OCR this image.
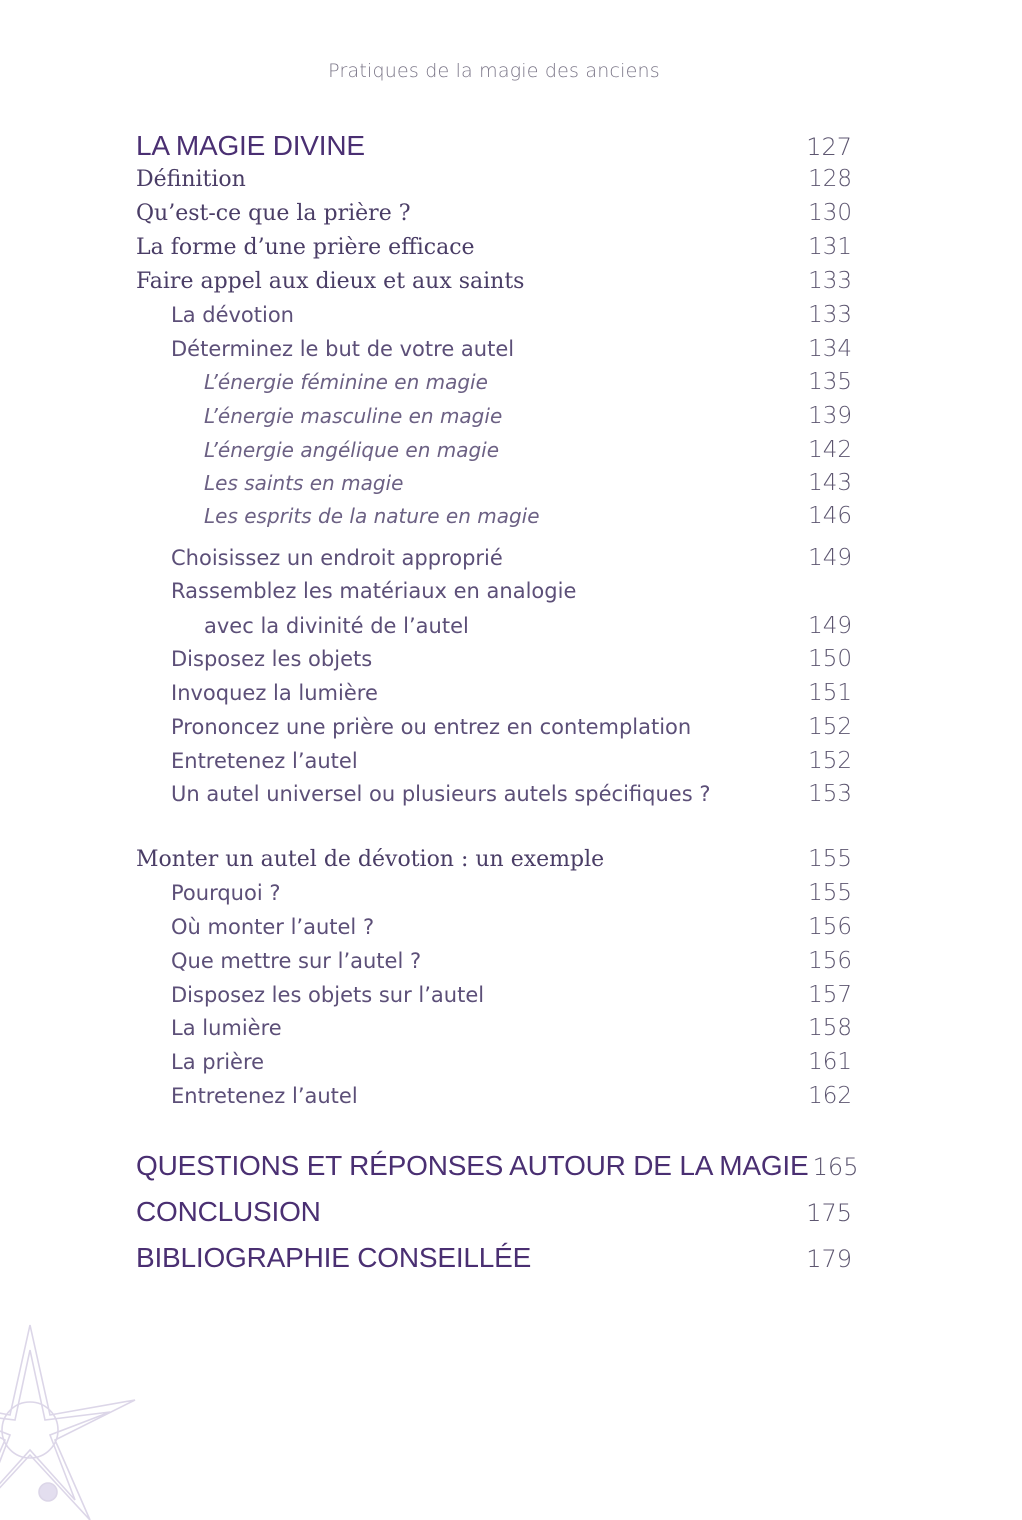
Pratiques de la magie des anciens
LA MAGIE DIVINE	127
Définition	128
Qu’est-ce que la prière ?	130
La forme d’une prière efficace	131
Faire appel aux dieux et aux saints	133
La dévotion	133
Déterminez le but de votre autel	134
L’énergie féminine en magie	135
L’énergie masculine en magie	139
L’énergie angélique en magie	142
Les saints en magie	143
Les esprits de la nature en magie	146
Choisissez un endroit approprié	149
Rassemblez les matériaux en analogie
avec la divinité de l’autel	149
Disposez les objets	150
Invoquez la lumière	151
Prononcez une prière ou entrez en contemplation	152
Entretenez l’autel	152
Un autel universel ou plusieurs autels spécifiques ?	153
Monter un autel de dévotion : un exemple	155
Pourquoi ?	155
Où monter l’autel ?	156
Que mettre sur l’autel ?	156
Disposez les objets sur l’autel	157
La lumière	158
La prière	161
Entretenez l’autel	162
QUESTIONS ET RÉPONSES AUTOUR DE LA MAGIE 165
CONCLUSION	175
BIBLIOGRAPHIE CONSEILLÉE	179
